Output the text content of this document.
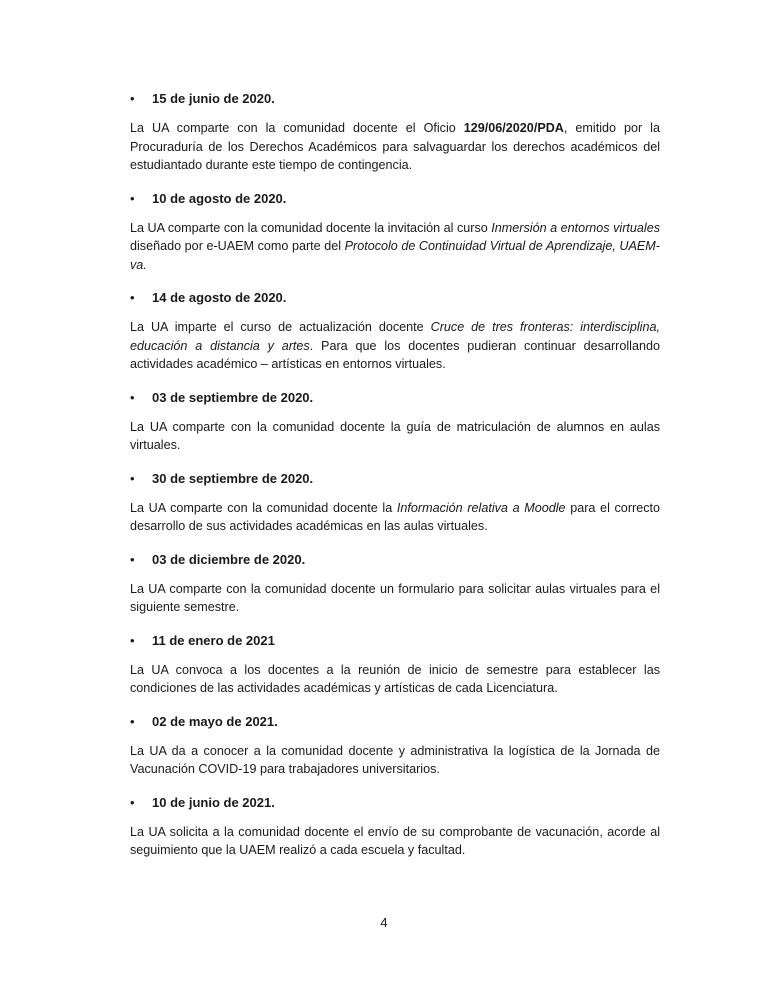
•	15 de junio de 2020.

La UA comparte con la comunidad docente el Oficio 129/06/2020/PDA, emitido por la Procuraduría de los Derechos Académicos para salvaguardar los derechos académicos del estudiantado durante este tiempo de contingencia.

•	10 de agosto de 2020.

La UA comparte con la comunidad docente la invitación al curso Inmersión a entornos virtuales diseñado por e-UAEM como parte del Protocolo de Continuidad Virtual de Aprendizaje, UAEM-va.

•	14 de agosto de 2020.

La UA imparte el curso de actualización docente Cruce de tres fronteras: interdisciplina, educación a distancia y artes. Para que los docentes pudieran continuar desarrollando actividades académico – artísticas en entornos virtuales.

•	03 de septiembre de 2020.

La UA comparte con la comunidad docente la guía de matriculación de alumnos en aulas virtuales.

•	30 de septiembre de 2020.

La UA comparte con la comunidad docente la Información relativa a Moodle para el correcto desarrollo de sus actividades académicas en las aulas virtuales.

•	03 de diciembre de 2020.

La UA comparte con la comunidad docente un formulario para solicitar aulas virtuales para el siguiente semestre.

•	11 de enero de 2021

La UA convoca a los docentes a la reunión de inicio de semestre para establecer las condiciones de las actividades académicas y artísticas de cada Licenciatura.

•	02 de mayo de 2021.

La UA da a conocer a la comunidad docente y administrativa la logística de la Jornada de Vacunación COVID-19 para trabajadores universitarios.

•	10 de junio de 2021.

La UA solicita a la comunidad docente el envío de su comprobante de vacunación, acorde al seguimiento que la UAEM realizó a cada escuela y facultad.

4
